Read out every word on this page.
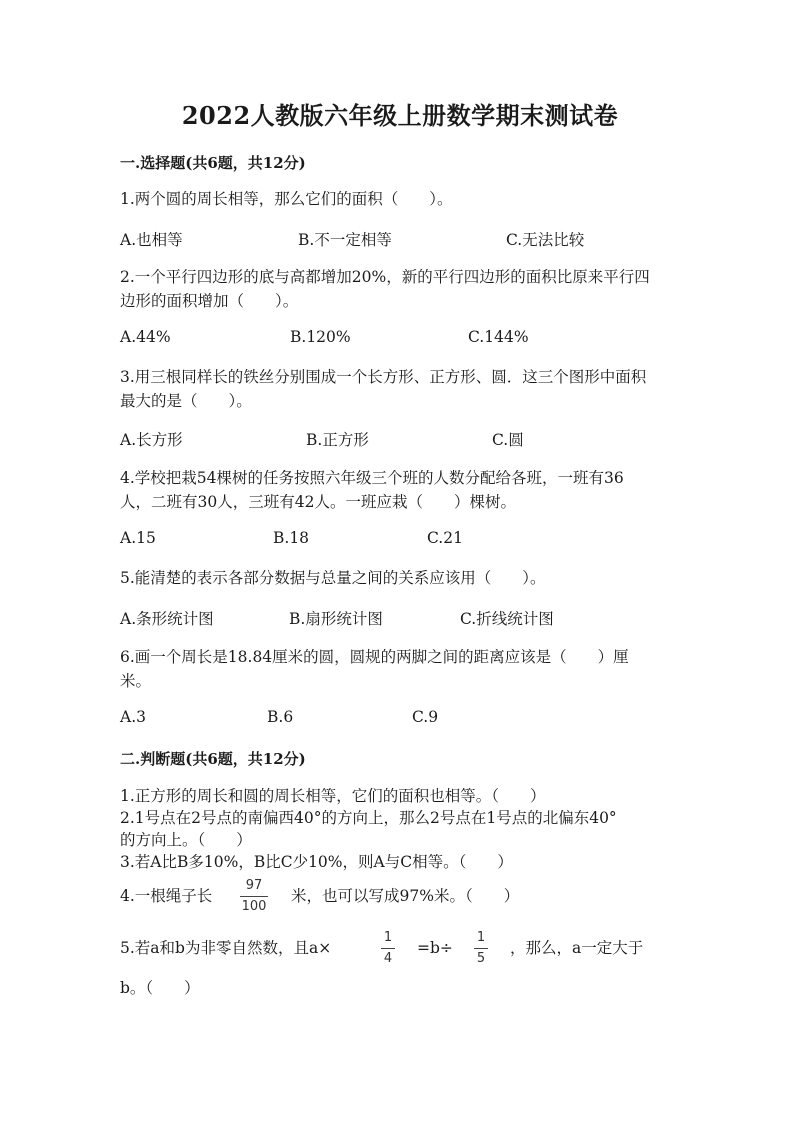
2022人教版六年级上册数学期末测试卷
一.选择题(共6题，共12分)
1.两个圆的周长相等，那么它们的面积（　　）。
A.也相等	B.不一定相等	C.无法比较
2.一个平行四边形的底与高都增加20%，新的平行四边形的面积比原来平行四
边形的面积增加（　　）。
A.44%	B.120%	C.144%
3.用三根同样长的铁丝分别围成一个长方形、正方形、圆．这三个图形中面积
最大的是（　　）。
A.长方形	B.正方形	C.圆
4.学校把栽54棵树的任务按照六年级三个班的人数分配给各班，一班有36
人，二班有30人，三班有42人。一班应栽（　　）棵树。
A.15	B.18	C.21
5.能清楚的表示各部分数据与总量之间的关系应该用（　　）。
A.条形统计图	B.扇形统计图	C.折线统计图
6.画一个周长是18.84厘米的圆，圆规的两脚之间的距离应该是（　　）厘
米。
A.3	B.6	C.9
二.判断题(共6题，共12分)
1.正方形的周长和圆的周长相等，它们的面积也相等。（　　）
2.1号点在2号点的南偏西40°的方向上，那么2号点在1号点的北偏东40°
的方向上。（　　）
3.若A比B多10%，B比C少10%，则A与C相等。（　　）
4.一根绳子长
97
100
米，也可以写成97%米。（　　）
5.若a和b为非零自然数，且a×
1
4
=b÷
1
5
，那么，a一定大于
b。（　　）
